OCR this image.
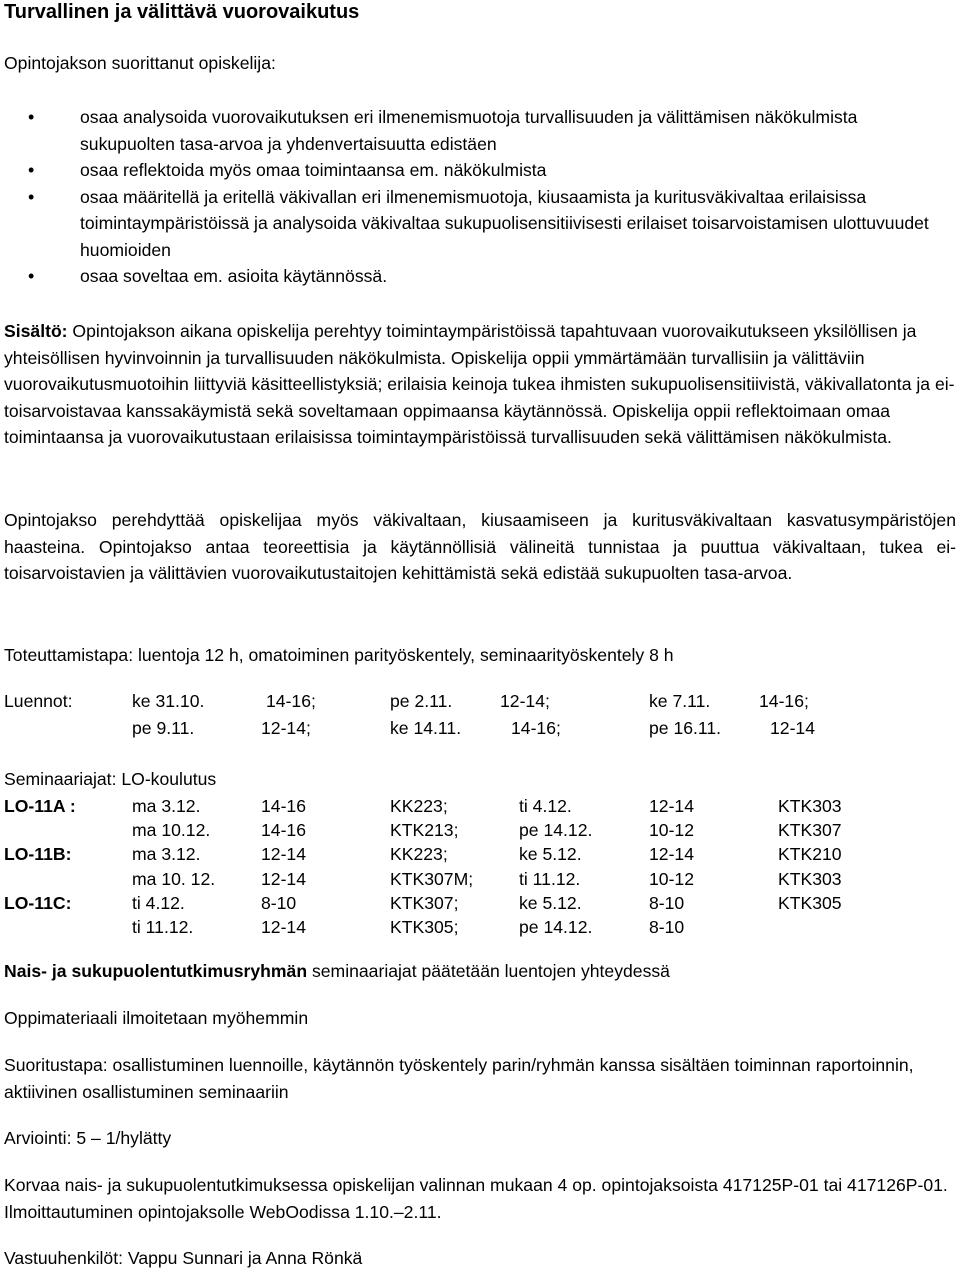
Turvallinen ja välittävä vuorovaikutus

Opintojakson suorittanut opiskelija:

• osaa analysoida vuorovaikutuksen eri ilmenemismuotoja turvallisuuden ja välittämisen näkökulmista sukupuolten tasa-arvoa ja yhdenvertaisuutta edistäen
• osaa reflektoida myös omaa toimintaansa em. näkökulmista
• osaa määritellä ja eritellä väkivallan eri ilmenemismuotoja, kiusaamista ja kuritusväkivaltaa erilaisissa toimintaympäristöissä ja analysoida väkivaltaa sukupuolisensitiivisesti erilaiset toisarvoistamisen ulottuvuudet huomioiden
• osaa soveltaa em. asioita käytännössä.

Sisältö: Opintojakson aikana opiskelija perehtyy toimintaympäristöissä tapahtuvaan vuorovaikutukseen yksilöllisen ja yhteisöllisen hyvinvoinnin ja turvallisuuden näkökulmista. Opiskelija oppii ymmärtämään turvallisiin ja välittäviin vuorovaikutusmuotoihin liittyviä käsitteellistyksiä; erilaisia keinoja tukea ihmisten sukupuolisensitiivistä, väkivallatonta ja ei-toisarvoistavaa kanssakäymistä sekä soveltamaan oppimaansa käytännössä. Opiskelija oppii reflektoimaan omaa toimintaansa ja vuorovaikutustaan erilaisissa toimintaympäristöissä turvallisuuden sekä välittämisen näkökulmista.

Opintojakso perehdyttää opiskelijaa myös väkivaltaan, kiusaamiseen ja kuritusväkivaltaan kasvatusympäristöjen haasteina. Opintojakso antaa teoreettisia ja käytännöllisiä välineitä tunnistaa ja puuttua väkivaltaan, tukea ei-toisarvoistavien ja välittävien vuorovaikutustaitojen kehittämistä sekä edistää sukupuolten tasa-arvoa.

Toteuttamistapa: luentoja 12 h, omatoiminen parityöskentely, seminaarityöskentely 8 h

Luennot:	ke 31.10.	14-16;	pe 2.11.	12-14;	ke 7.11.	14-16;
pe 9.11.	12-14;	ke 14.11.	14-16;	pe 16.11.	12-14
Seminaariajat: LO-koulutus
LO-11A :	ma 3.12.	14-16	KK223;	ti 4.12.	12-14	KTK303
ma 10.12.	14-16	KTK213;	pe 14.12.	10-12	KTK307
LO-11B:	ma 3.12.	12-14	KK223;	ke 5.12.	12-14	KTK210
ma 10. 12.	12-14	KTK307M;	ti 11.12.	10-12	KTK303
LO-11C:	ti 4.12.	8-10	KTK307;	ke 5.12.	8-10	KTK305
ti 11.12.	12-14	KTK305;	pe 14.12.	8-10

Nais- ja sukupuolentutkimusryhmän seminaariajat päätetään luentojen yhteydessä

Oppimateriaali ilmoitetaan myöhemmin

Suoritustapa: osallistuminen luennoille, käytännön työskentely parin/ryhmän kanssa sisältäen toiminnan raportoinnin, aktiivinen osallistuminen seminaariin

Arviointi: 5 – 1/hylätty

Korvaa nais- ja sukupuolentutkimuksessa opiskelijan valinnan mukaan 4 op. opintojaksoista 417125P-01 tai 417126P-01. Ilmoittautuminen opintojaksolle WebOodissa 1.10.–2.11.

Vastuuhenkilöt: Vappu Sunnari ja Anna Rönkä
